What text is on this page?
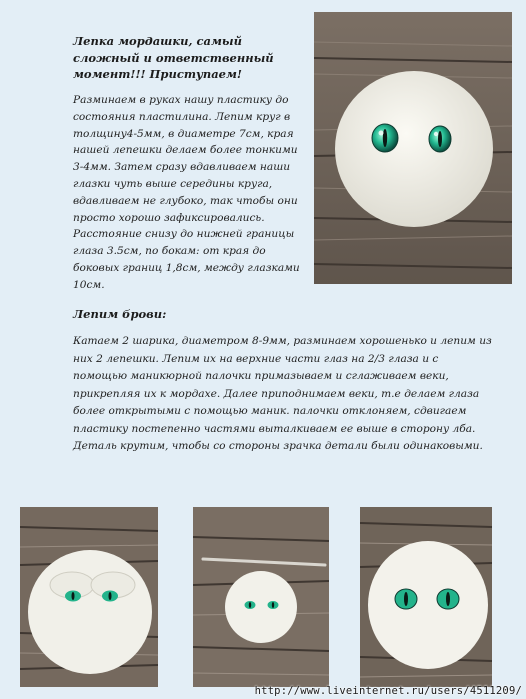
Лепка мордашки, самый сложный и ответственный момент!!! Приступаем!
Разминаем в руках нашу пластику до состояния пластилина. Лепим круг в толщину4-5мм, в диаметре 7см, края нашей лепешки делаем более тонкими 3-4мм. Затем сразу вдавливаем наши глазки чуть выше середины круга, вдавливаем не глубоко, так чтобы они просто хорошо зафиксировались. Расстояние снизу до нижней границы глаза 3.5см, по бокам: от края до боковых границ 1,8см, между глазками 10см.
Лепим брови:
Катаем 2 шарика, диаметром 8-9мм, разминаем хорошенько и лепим из них 2 лепешки. Лепим их на верхние части глаз на 2/3 глаза и с помощью маникюрной палочки примазываем и сглаживаем веки, прикрепляя их к мордахе. Далее приподнимаем веки, т.е делаем глаза более открытыми с помощью маник. палочки отклоняем, сдвигаем пластику постепенно частями выталкиваем ее выше в сторону лба. Деталь крутим, чтобы со стороны зрачка детали были одинаковыми.
http://www.liveinternet.ru/users/4511209/
